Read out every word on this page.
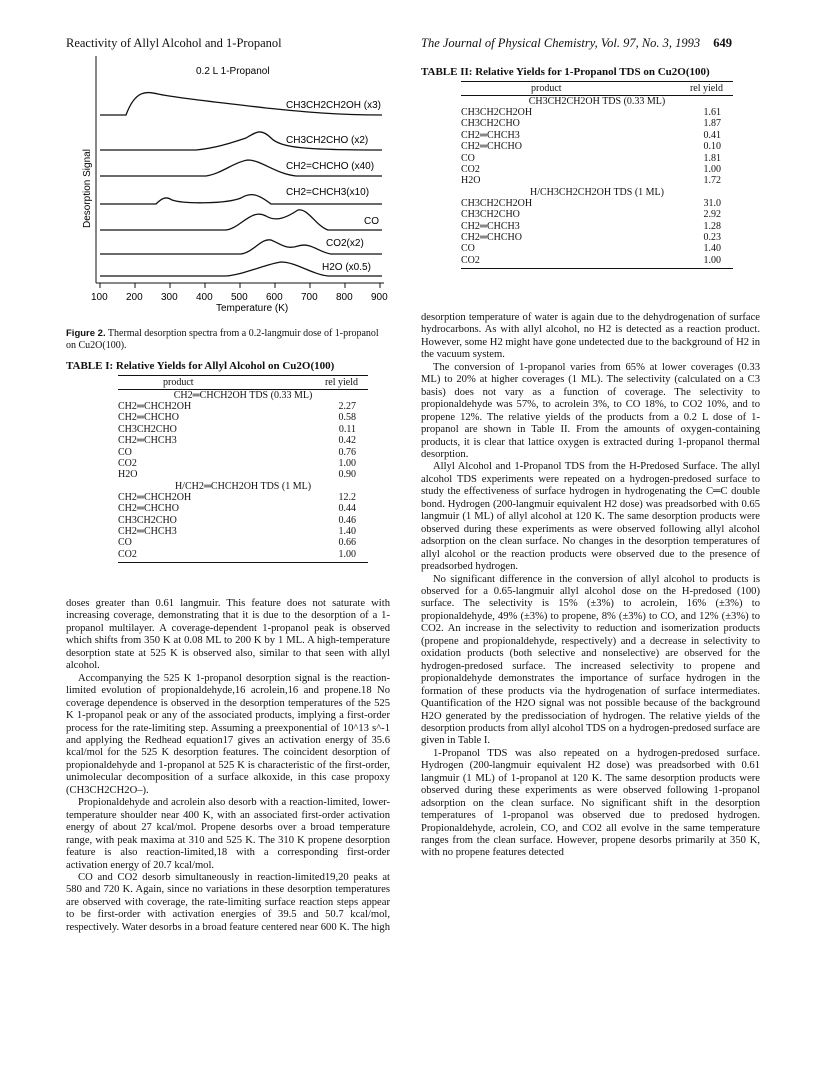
Reactivity of Allyl Alcohol and 1-Propanol	The Journal of Physical Chemistry, Vol. 97, No. 3, 1993 649
100 200 300 400 500 600 700 800 900
0.2 L 1-Propanol
Desorption Signal
Temperature (K)
CH3CH2CH2OH (x3)
CH3CH2CHO (x2)
CH2=CHCHO (x40)
CH2=CHCH3(x10)
CO
CO2(x2)
H2O (x0.5)
Figure 2. Thermal desorption spectra from a 0.2-langmuir dose of 1-propanol on Cu2O(100).
TABLE I: Relative Yields for Allyl Alcohol on Cu2O(100)
product	rel yield
CH2═CHCH2OH TDS (0.33 ML)
CH2═CHCH2OH	2.27
CH2═CHCHO	0.58
CH3CH2CHO	0.11
CH2═CHCH3	0.42
CO	0.76
CO2	1.00
H2O	0.90
H/CH2═CHCH2OH TDS (1 ML)
CH2═CHCH2OH	12.2
CH2═CHCHO	0.44
CH3CH2CHO	0.46
CH2═CHCH3	1.40
CO	0.66
CO2	1.00

doses greater than 0.61 langmuir. This feature does not saturate with increasing coverage, demonstrating that it is due to the desorption of a 1-propanol multilayer. A coverage-dependent 1-propanol peak is observed which shifts from 350 K at 0.08 ML to 200 K by 1 ML. A high-temperature desorption state at 525 K is observed also, similar to that seen with allyl alcohol.

Accompanying the 525 K 1-propanol desorption signal is the reaction-limited evolution of propionaldehyde,16 acrolein,16 and propene.18 No coverage dependence is observed in the desorption temperatures of the 525 K 1-propanol peak or any of the associated products, implying a first-order process for the rate-limiting step. Assuming a preexponential of 10^13 s^-1 and applying the Redhead equation17 gives an activation energy of 35.6 kcal/mol for the 525 K desorption features. The coincident desorption of propionaldehyde and 1-propanol at 525 K is characteristic of the first-order, unimolecular decomposition of a surface alkoxide, in this case propoxy (CH3CH2CH2O–).

Propionaldehyde and acrolein also desorb with a reaction-limited, lower-temperature shoulder near 400 K, with an associated first-order activation energy of about 27 kcal/mol. Propene desorbs over a broad temperature range, with peak maxima at 310 and 525 K. The 310 K propene desorption feature is also reaction-limited,18 with a corresponding first-order activation energy of 20.7 kcal/mol.

CO and CO2 desorb simultaneously in reaction-limited19,20 peaks at 580 and 720 K. Again, since no variations in these desorption temperatures are observed with coverage, the rate-limiting surface reaction steps appear to be first-order with activation energies of 39.5 and 50.7 kcal/mol, respectively. Water desorbs in a broad feature centered near 600 K. The high

TABLE II: Relative Yields for 1-Propanol TDS on Cu2O(100)
product	rel yield
CH3CH2CH2OH TDS (0.33 ML)
CH3CH2CH2OH	1.61
CH3CH2CHO	1.87
CH2═CHCH3	0.41
CH2═CHCHO	0.10
CO	1.81
CO2	1.00
H2O	1.72
H/CH3CH2CH2OH TDS (1 ML)
CH3CH2CH2OH	31.0
CH3CH2CHO	2.92
CH2═CHCH3	1.28
CH2═CHCHO	0.23
CO	1.40
CO2	1.00

desorption temperature of water is again due to the dehydrogenation of surface hydrocarbons. As with allyl alcohol, no H2 is detected as a reaction product. However, some H2 might have gone undetected due to the background of H2 in the vacuum system.

The conversion of 1-propanol varies from 65% at lower coverages (0.33 ML) to 20% at higher coverages (1 ML). The selectivity (calculated on a C3 basis) does not vary as a function of coverage. The selectivity to propionaldehyde was 57%, to acrolein 3%, to CO 18%, to CO2 10%, and to propene 12%. The relative yields of the products from a 0.2 L dose of 1-propanol are shown in Table II. From the amounts of oxygen-containing products, it is clear that lattice oxygen is extracted during 1-propanol thermal desorption.

Allyl Alcohol and 1-Propanol TDS from the H-Predosed Surface. The allyl alcohol TDS experiments were repeated on a hydrogen-predosed surface to study the effectiveness of surface hydrogen in hydrogenating the C═C double bond. Hydrogen (200-langmuir equivalent H2 dose) was preadsorbed with 0.65 langmuir (1 ML) of allyl alcohol at 120 K. The same desorption products were observed during these experiments as were observed following allyl alcohol adsorption on the clean surface. No changes in the desorption temperatures of allyl alcohol or the reaction products were observed due to the presence of preadsorbed hydrogen.

No significant difference in the conversion of allyl alcohol to products is observed for a 0.65-langmuir allyl alcohol dose on the H-predosed (100) surface. The selectivity is 15% (±3%) to acrolein, 16% (±3%) to propionaldehyde, 49% (±3%) to propene, 8% (±3%) to CO, and 12% (±3%) to CO2. An increase in the selectivity to reduction and isomerization products (propene and propionaldehyde, respectively) and a decrease in selectivity to oxidation products (both selective and nonselective) are observed for the hydrogen-predosed surface. The increased selectivity to propene and propionaldehyde demonstrates the importance of surface hydrogen in the formation of these products via the hydrogenation of surface intermediates. Quantification of the H2O signal was not possible because of the background H2O generated by the predissociation of hydrogen. The relative yields of the desorption products from allyl alcohol TDS on a hydrogen-predosed surface are given in Table I.

1-Propanol TDS was also repeated on a hydrogen-predosed surface. Hydrogen (200-langmuir equivalent H2 dose) was preadsorbed with 0.61 langmuir (1 ML) of 1-propanol at 120 K. The same desorption products were observed during these experiments as were observed following 1-propanol adsorption on the clean surface. No significant shift in the desorption temperatures of 1-propanol was observed due to predosed hydrogen. Propionaldehyde, acrolein, CO, and CO2 all evolve in the same temperature ranges from the clean surface. However, propene desorbs primarily at 350 K, with no propene features detected
